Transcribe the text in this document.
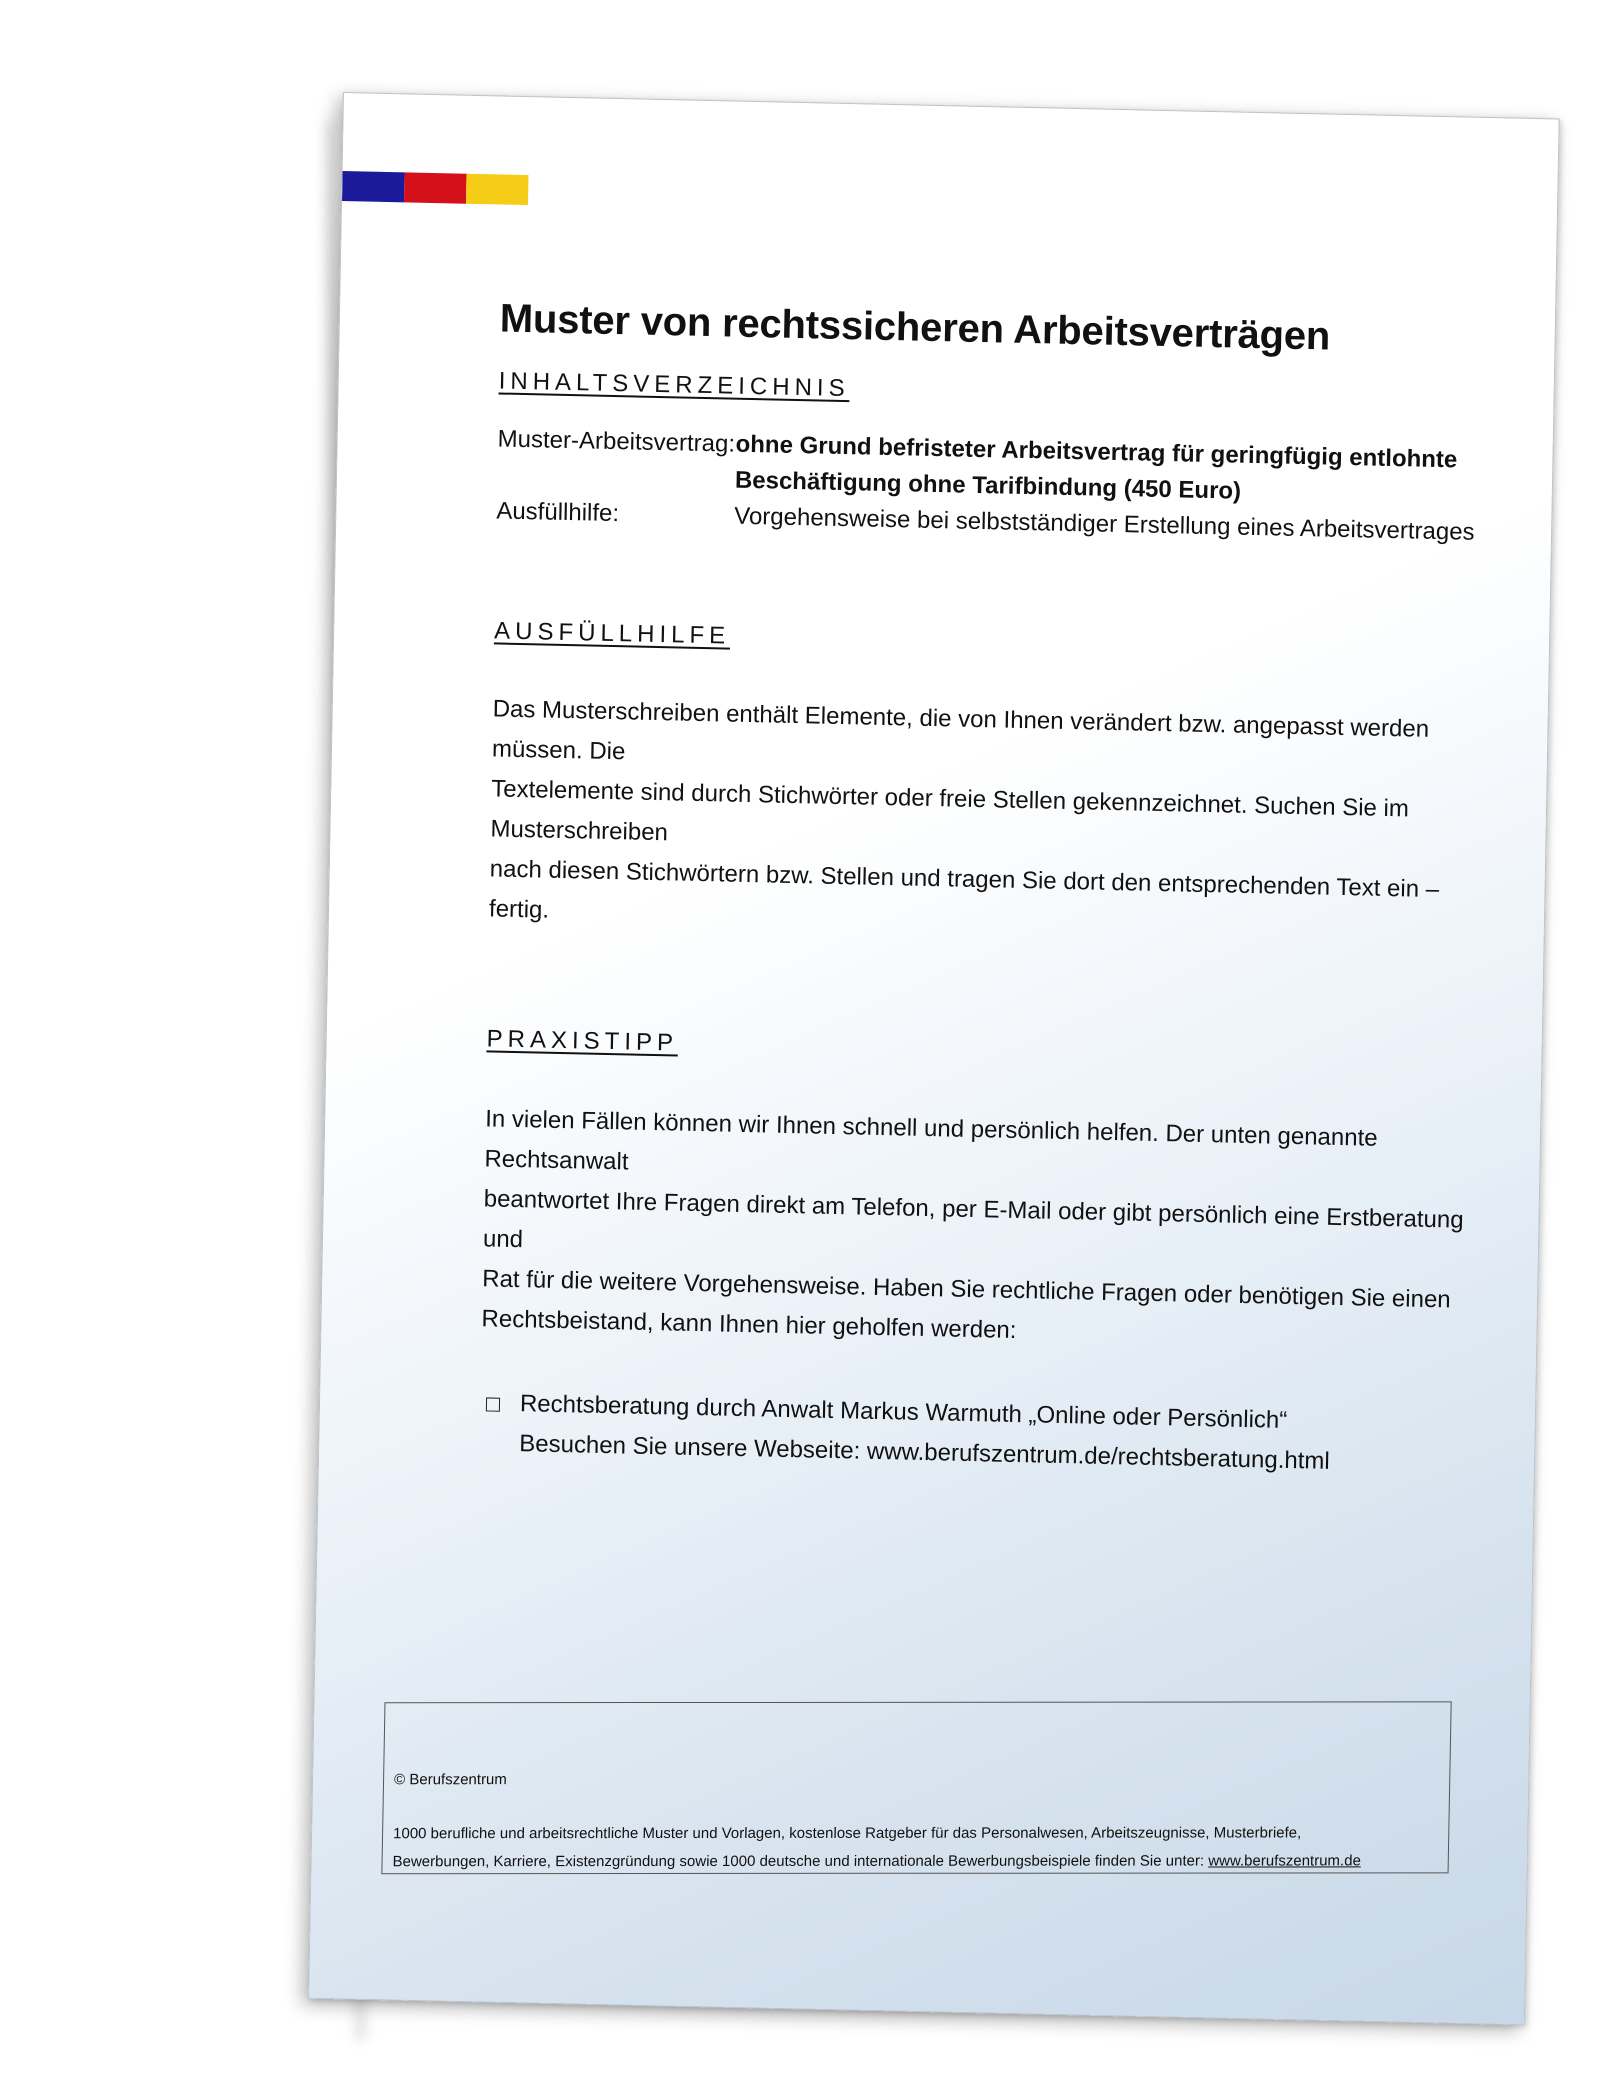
Muster von rechtssicheren Arbeitsverträgen
INHALTSVERZEICHNIS
Muster-Arbeitsvertrag: ohne Grund befristeter Arbeitsvertrag für geringfügig entlohnte
Beschäftigung ohne Tarifbindung (450 Euro)
Ausfüllhilfe:	Vorgehensweise bei selbstständiger Erstellung eines Arbeitsvertrages
AUSFÜLLHILFE

Das Musterschreiben enthält Elemente, die von Ihnen verändert bzw. angepasst werden müssen. Die
Textelemente sind durch Stichwörter oder freie Stellen gekennzeichnet. Suchen Sie im Musterschreiben
nach diesen Stichwörtern bzw. Stellen und tragen Sie dort den entsprechenden Text ein – fertig.

PRAXISTIPP

In vielen Fällen können wir Ihnen schnell und persönlich helfen. Der unten genannte Rechtsanwalt
beantwortet Ihre Fragen direkt am Telefon, per E-Mail oder gibt persönlich eine Erstberatung und
Rat für die weitere Vorgehensweise. Haben Sie rechtliche Fragen oder benötigen Sie einen
Rechtsbeistand, kann Ihnen hier geholfen werden:

Rechtsberatung durch Anwalt Markus Warmuth „Online oder Persönlich“
Besuchen Sie unsere Webseite: www.berufszentrum.de/rechtsberatung.html
© Berufszentrum
1000 berufliche und arbeitsrechtliche Muster und Vorlagen, kostenlose Ratgeber für das Personalwesen, Arbeitszeugnisse, Musterbriefe,
Bewerbungen, Karriere, Existenzgründung sowie 1000 deutsche und internationale Bewerbungsbeispiele finden Sie unter: www.berufszentrum.de
